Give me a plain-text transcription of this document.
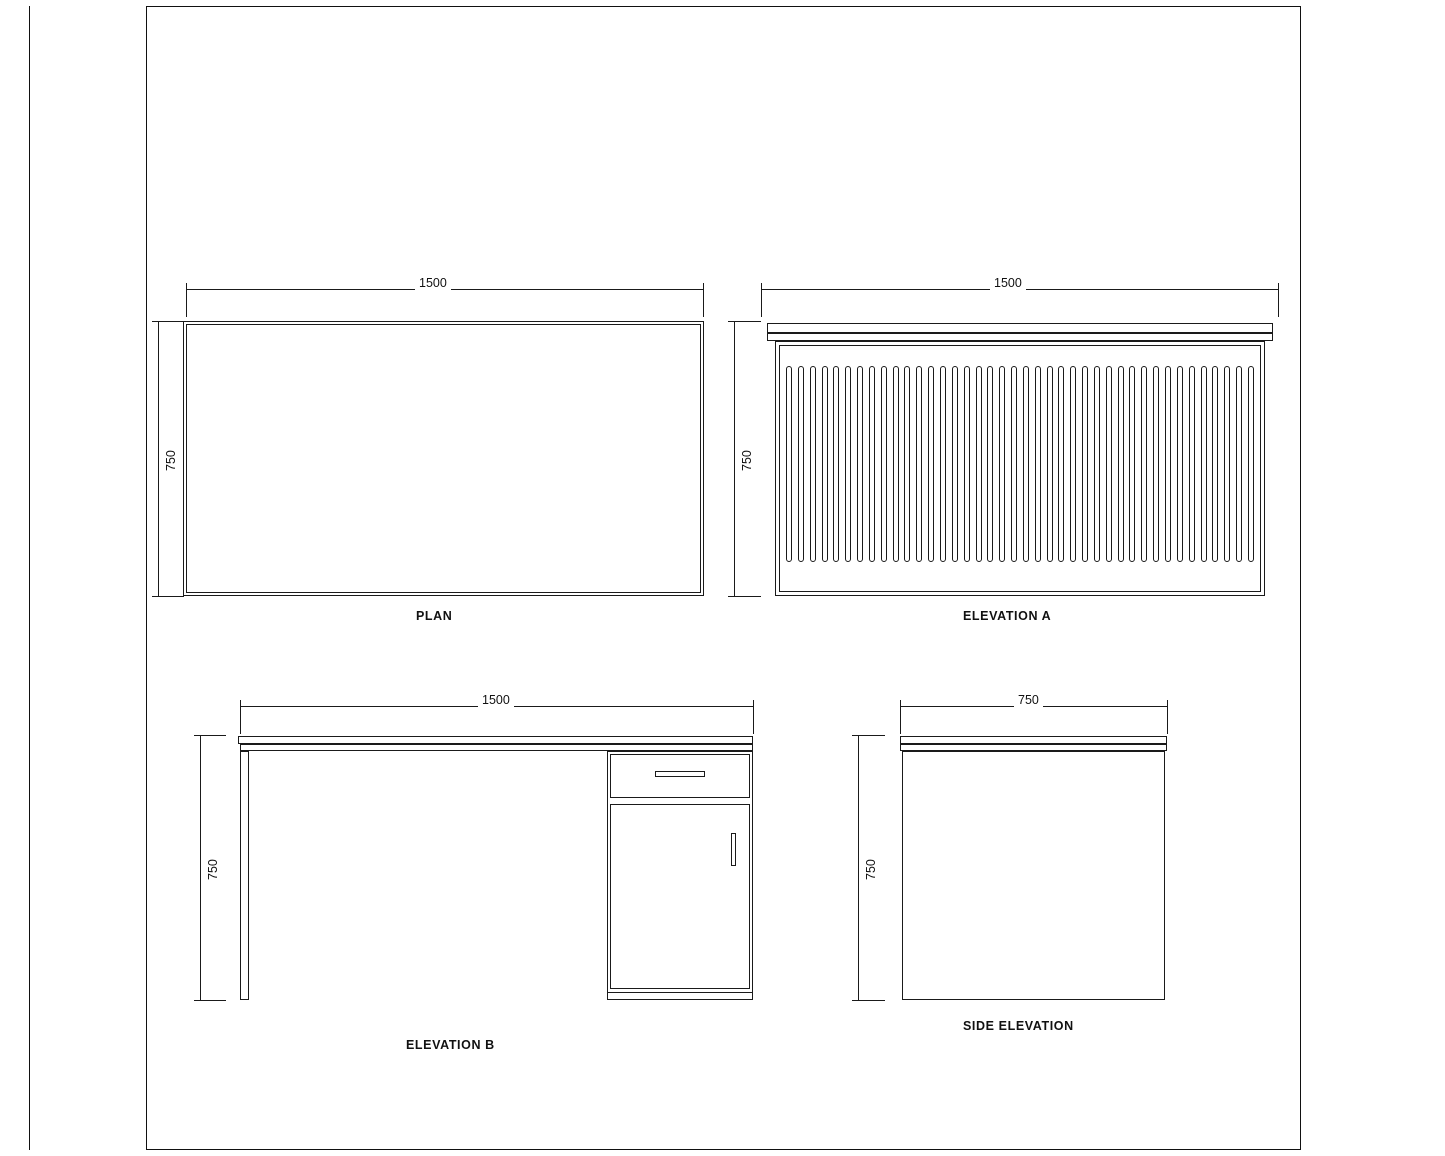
1500
750
PLAN
1500
750
ELEVATION A
1500
750
ELEVATION B
750
750
SIDE ELEVATION
